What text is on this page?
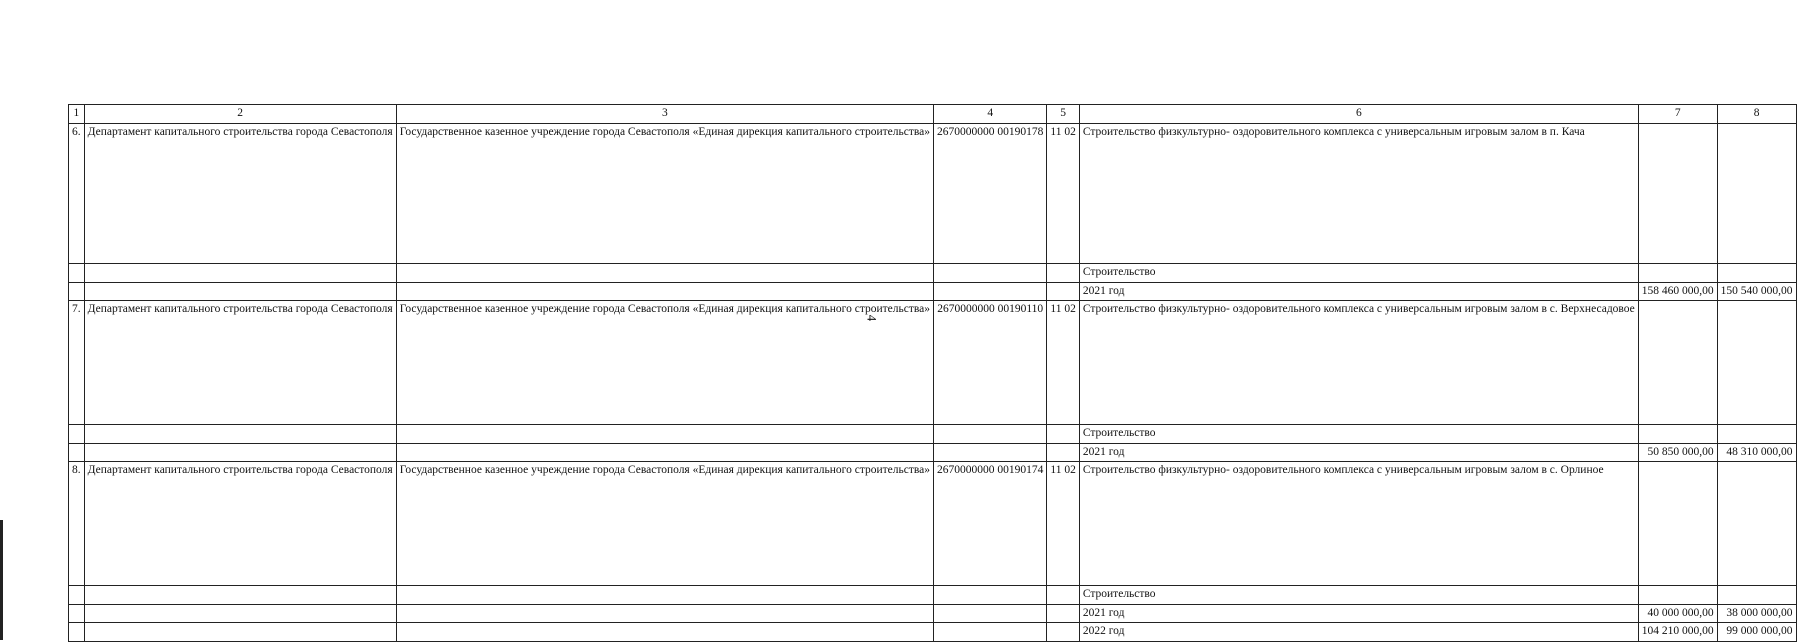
4
1	2	3	4	5	6	7	8
6.	Департамент капитального строительства города Севастополя	Государственное казенное учреждение города Севастополя «Единая дирекция капитального строительства»	2670000000 00190178	11 02	Строительство физкультурно- оздоровительного комплекса с универсальным игровым залом в п. Кача		
					Строительство		
					2021 год	158 460 000,00	150 540 000,00
7.	Департамент капитального строительства города Севастополя	Государственное казенное учреждение города Севастополя «Единая дирекция капитального строительства»	2670000000 00190110	11 02	Строительство физкультурно- оздоровительного комплекса с универсальным игровым залом в с. Верхнесадовое		
					Строительство		
					2021 год	50 850 000,00	48 310 000,00
8.	Департамент капитального строительства города Севастополя	Государственное казенное учреждение города Севастополя «Единая дирекция капитального строительства»	2670000000 00190174	11 02	Строительство физкультурно- оздоровительного комплекса с универсальным игровым залом в с. Орлиное		
					Строительство		
					2021 год	40 000 000,00	38 000 000,00
					2022 год	104 210 000,00	99 000 000,00
